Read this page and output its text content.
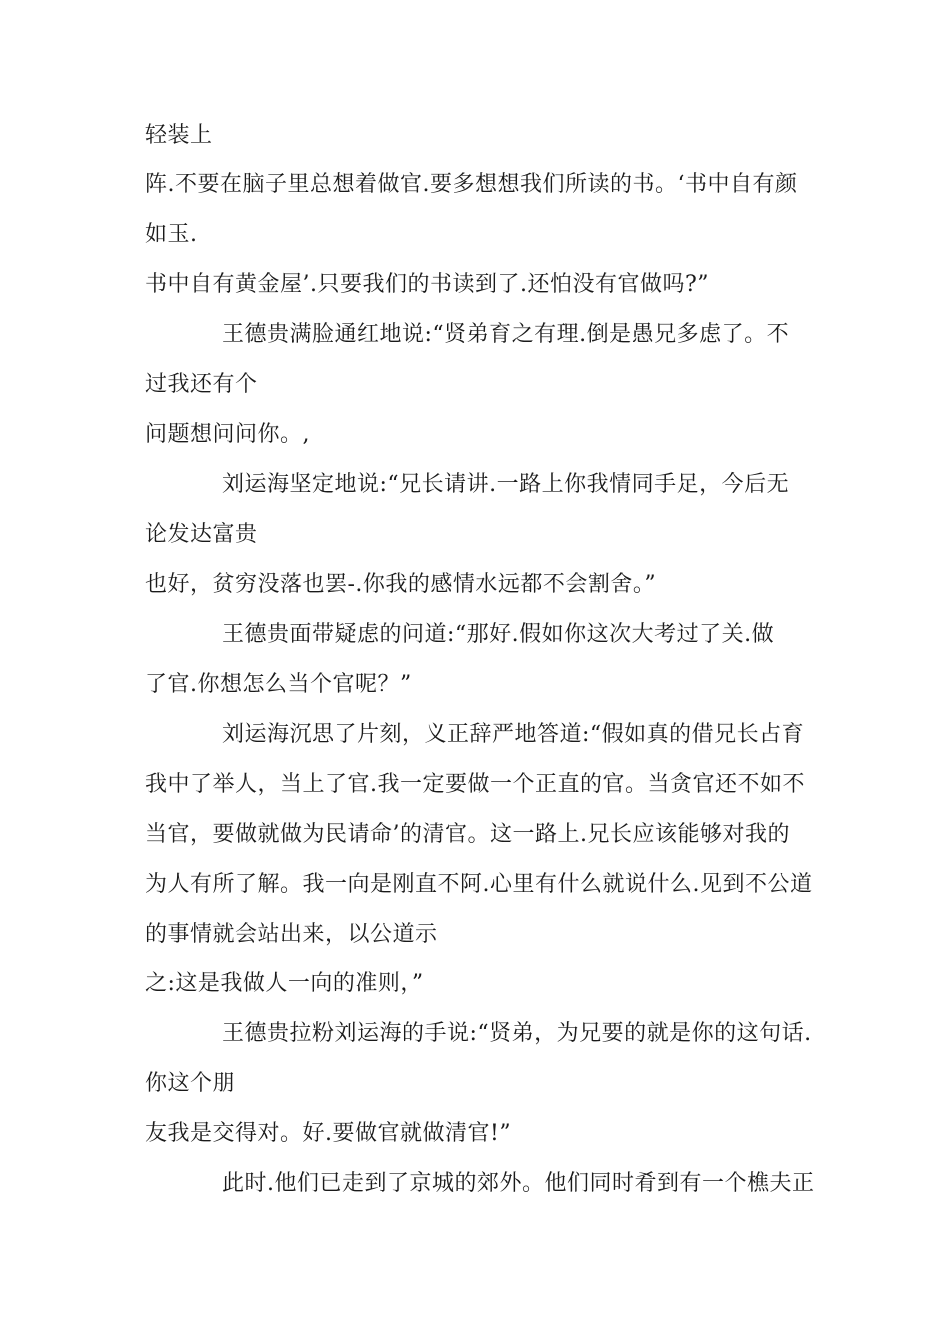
轻装上
阵.不要在脑子里总想着做官.要多想想我们所读的书。‘书中自有颜
如玉.
书中自有黄金屋’.只要我们的书读到了.还怕没有官做吗?”
王德贵满脸通红地说:“贤弟育之有理.倒是愚兄多虑了。不
过我还有个
问题想问问你。,
刘运海坚定地说:“兄长请讲.一路上你我情同手足，今后无
论发达富贵
也好，贫穷没落也罢-.你我的感情水远都不会割舍。”
王德贵面带疑虑的问道:“那好.假如你这次大考过了关.做
了官.你想怎么当个官呢？”
刘运海沉思了片刻，义正辞严地答道:“假如真的借兄长占育
我中了举人，当上了官.我一定要做一个正直的官。当贪官还不如不
当官，要做就做为民请命’的清官。这一路上.兄长应该能够对我的
为人有所了解。我一向是刚直不阿.心里有什么就说什么.见到不公道
的事情就会站出来，以公道示
之:这是我做人一向的准则，”
王德贵拉粉刘运海的手说:“贤弟，为兄要的就是你的这句话.
你这个朋
友我是交得对。好.要做官就做清官!”
此时.他们已走到了京城的郊外。他们同时肴到有一个樵夫正
